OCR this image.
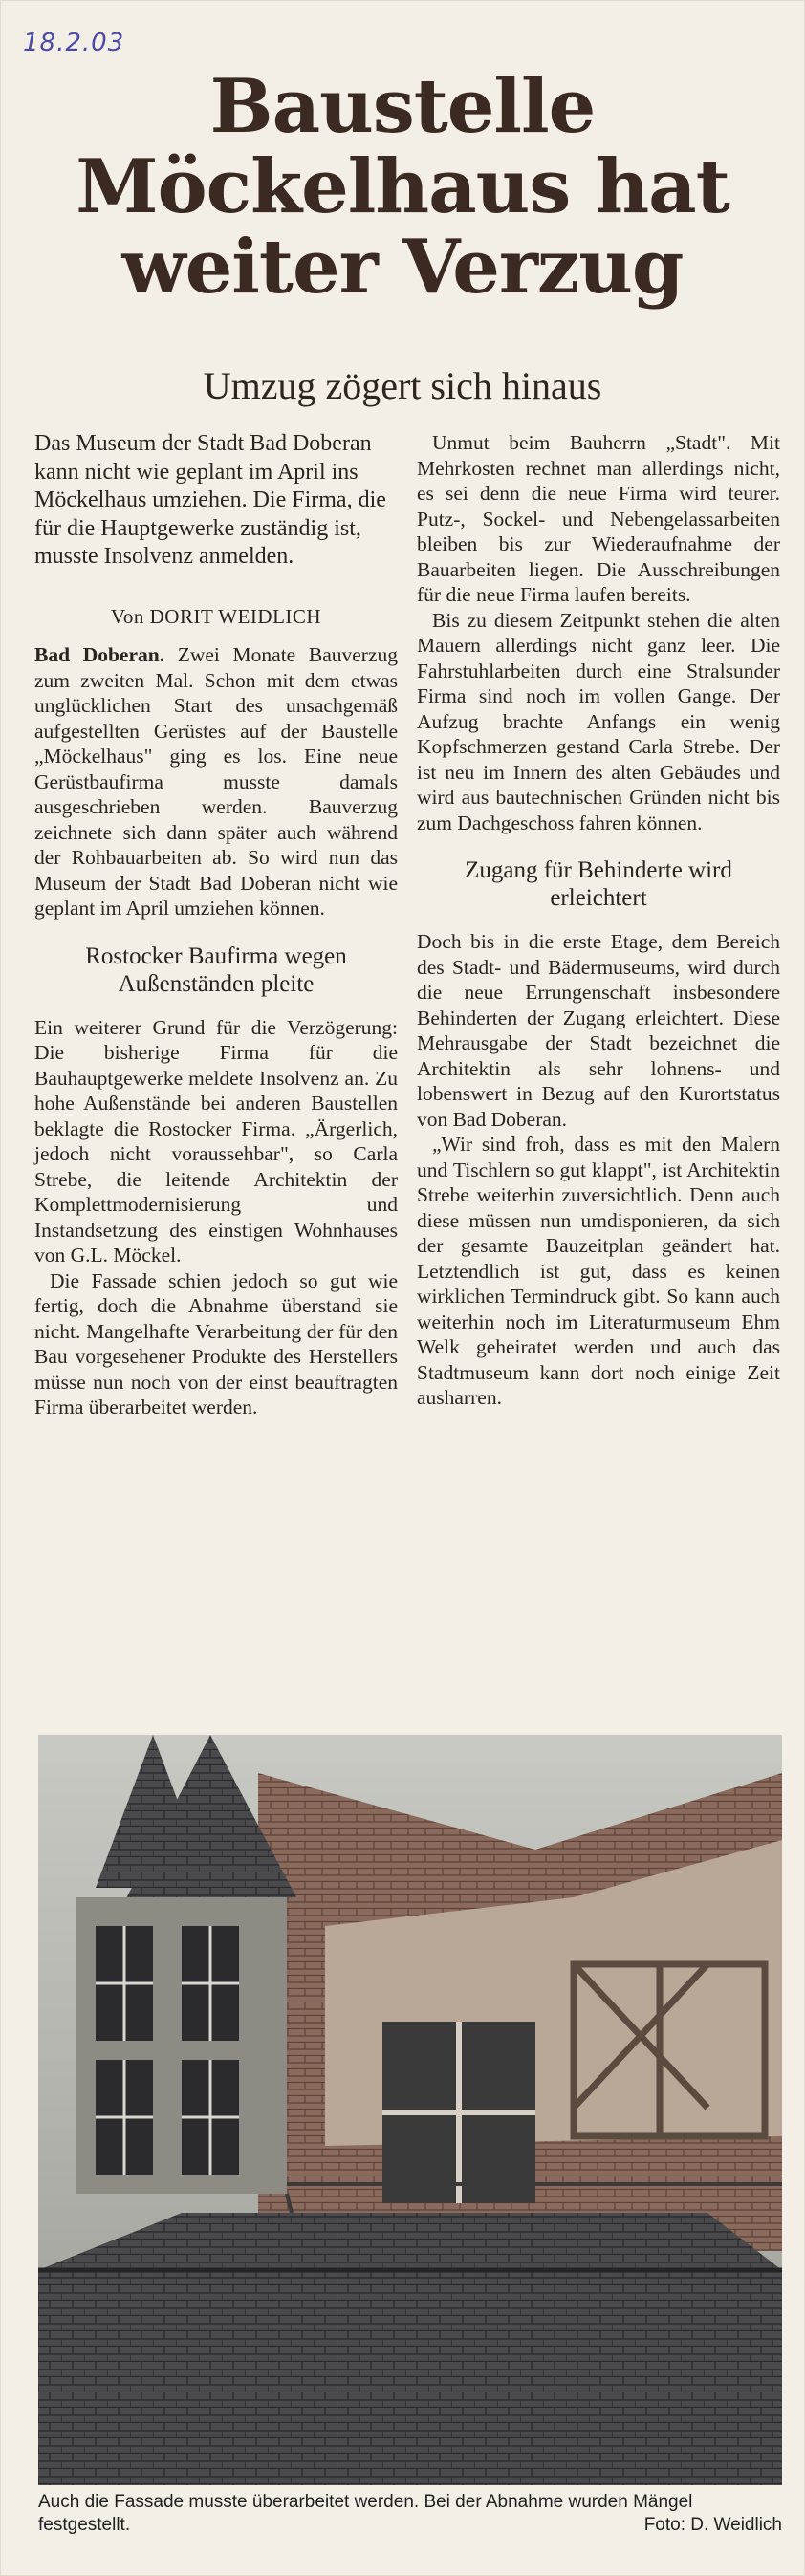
18.2.03
Baustelle
Möckelhaus hat
weiter Verzug
Umzug zögert sich hinaus

Das Museum der Stadt Bad Doberan kann nicht wie geplant im April ins Möckelhaus umziehen. Die Firma, die für die Hauptgewerke zuständig ist, musste Insolvenz anmelden.

Von DORIT WEIDLICH

Bad Doberan. Zwei Monate Bauverzug zum zweiten Mal. Schon mit dem etwas unglücklichen Start des unsachgemäß aufgestellten Gerüstes auf der Baustelle „Möckelhaus" ging es los. Eine neue Gerüstbaufirma musste damals ausgeschrieben werden. Bauverzug zeichnete sich dann später auch während der Rohbauarbeiten ab. So wird nun das Museum der Stadt Bad Doberan nicht wie geplant im April umziehen können.

Rostocker Baufirma wegen Außenständen pleite

Ein weiterer Grund für die Verzögerung: Die bisherige Firma für die Bauhauptgewerke meldete Insolvenz an. Zu hohe Außenstände bei anderen Baustellen beklagte die Rostocker Firma. „Ärgerlich, jedoch nicht voraussehbar", so Carla Strebe, die leitende Architektin der Komplettmodernisierung und Instandsetzung des einstigen Wohnhauses von G.L. Möckel.

Die Fassade schien jedoch so gut wie fertig, doch die Abnahme überstand sie nicht. Mangelhafte Verarbeitung der für den Bau vorgesehener Produkte des Herstellers müsse nun noch von der einst beauftragten Firma überarbeitet werden.

Unmut beim Bauherrn „Stadt". Mit Mehrkosten rechnet man allerdings nicht, es sei denn die neue Firma wird teurer. Putz-, Sockel- und Nebengelassarbeiten bleiben bis zur Wiederaufnahme der Bauarbeiten liegen. Die Ausschreibungen für die neue Firma laufen bereits.

Bis zu diesem Zeitpunkt stehen die alten Mauern allerdings nicht ganz leer. Die Fahrstuhlarbeiten durch eine Stralsunder Firma sind noch im vollen Gange. Der Aufzug brachte Anfangs ein wenig Kopfschmerzen gestand Carla Strebe. Der ist neu im Innern des alten Gebäudes und wird aus bautechnischen Gründen nicht bis zum Dachgeschoss fahren können.

Zugang für Behinderte wird erleichtert

Doch bis in die erste Etage, dem Bereich des Stadt- und Bädermuseums, wird durch die neue Errungenschaft insbesondere Behinderten der Zugang erleichtert. Diese Mehrausgabe der Stadt bezeichnet die Architektin als sehr lohnens- und lobenswert in Bezug auf den Kurortstatus von Bad Doberan.

„Wir sind froh, dass es mit den Malern und Tischlern so gut klappt", ist Architektin Strebe weiterhin zuversichtlich. Denn auch diese müssen nun umdisponieren, da sich der gesamte Bauzeitplan geändert hat. Letztendlich ist gut, dass es keinen wirklichen Termindruck gibt. So kann auch weiterhin noch im Literaturmuseum Ehm Welk geheiratet werden und auch das Stadtmuseum kann dort noch einige Zeit ausharren.

Auch die Fassade musste überarbeitet werden. Bei der Abnahme wurden Mängel festgestellt.	Foto: D. Weidlich
